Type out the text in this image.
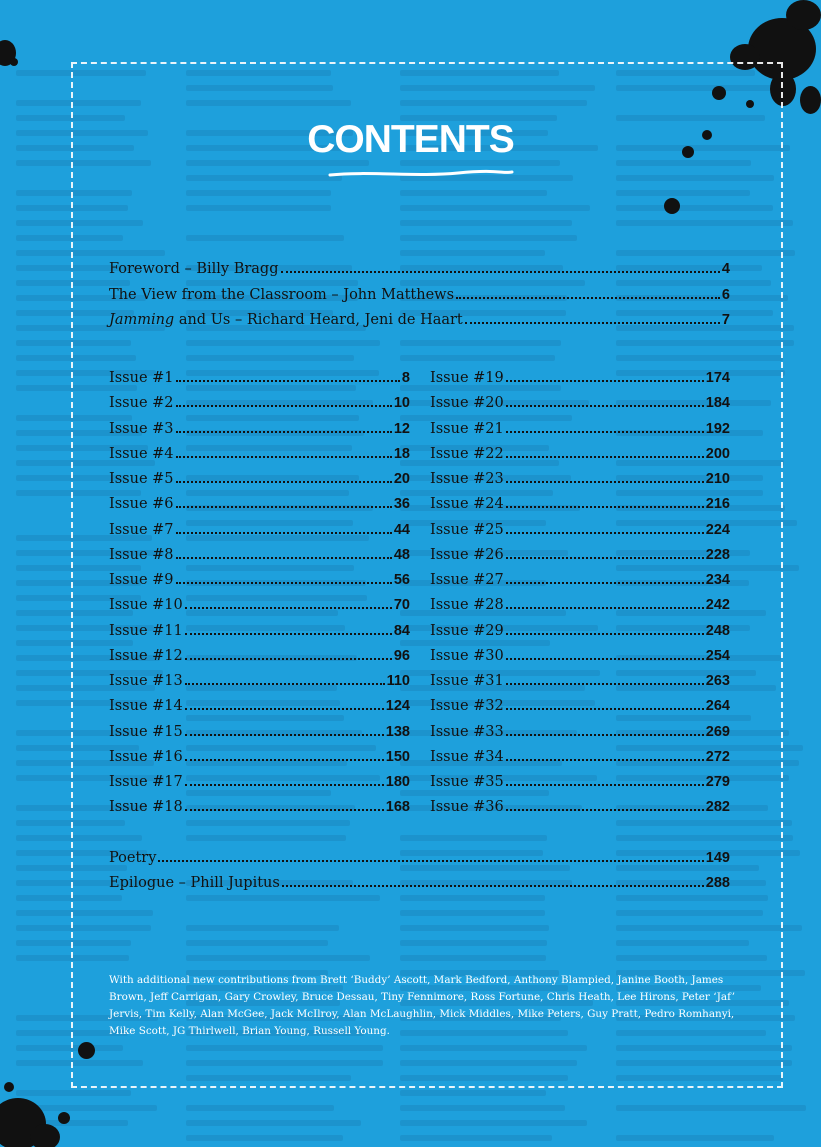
CONTENTS
Foreword – Billy Bragg	4
The View from the Classroom – John Matthews	6
Jamming and Us – Richard Heard, Jeni de Haart	7
Issue #1	8
Issue #2	10
Issue #3	12
Issue #4	18
Issue #5	20
Issue #6	36
Issue #7	44
Issue #8	48
Issue #9	56
Issue #10	70
Issue #11	84
Issue #12	96
Issue #13	110
Issue #14	124
Issue #15	138
Issue #16	150
Issue #17	180
Issue #18	168
Issue #19	174
Issue #20	184
Issue #21	192
Issue #22	200
Issue #23	210
Issue #24	216
Issue #25	224
Issue #26	228
Issue #27	234
Issue #28	242
Issue #29	248
Issue #30	254
Issue #31	263
Issue #32	264
Issue #33	269
Issue #34	272
Issue #35	279
Issue #36	282
Poetry	149
Epilogue – Phill Jupitus	288

With additional new contributions from Brett ‘Buddy’ Ascott, Mark Bedford, Anthony Blampied, Janine Booth, James Brown, Jeff Carrigan, Gary Crowley, Bruce Dessau, Tiny Fennimore, Ross Fortune, Chris Heath, Lee Hirons, Peter ‘Jaf’ Jervis, Tim Kelly, Alan McGee, Jack McIlroy, Alan McLaughlin, Mick Middles, Mike Peters, Guy Pratt, Pedro Romhanyi, Mike Scott, JG Thirlwell, Brian Young, Russell Young.
